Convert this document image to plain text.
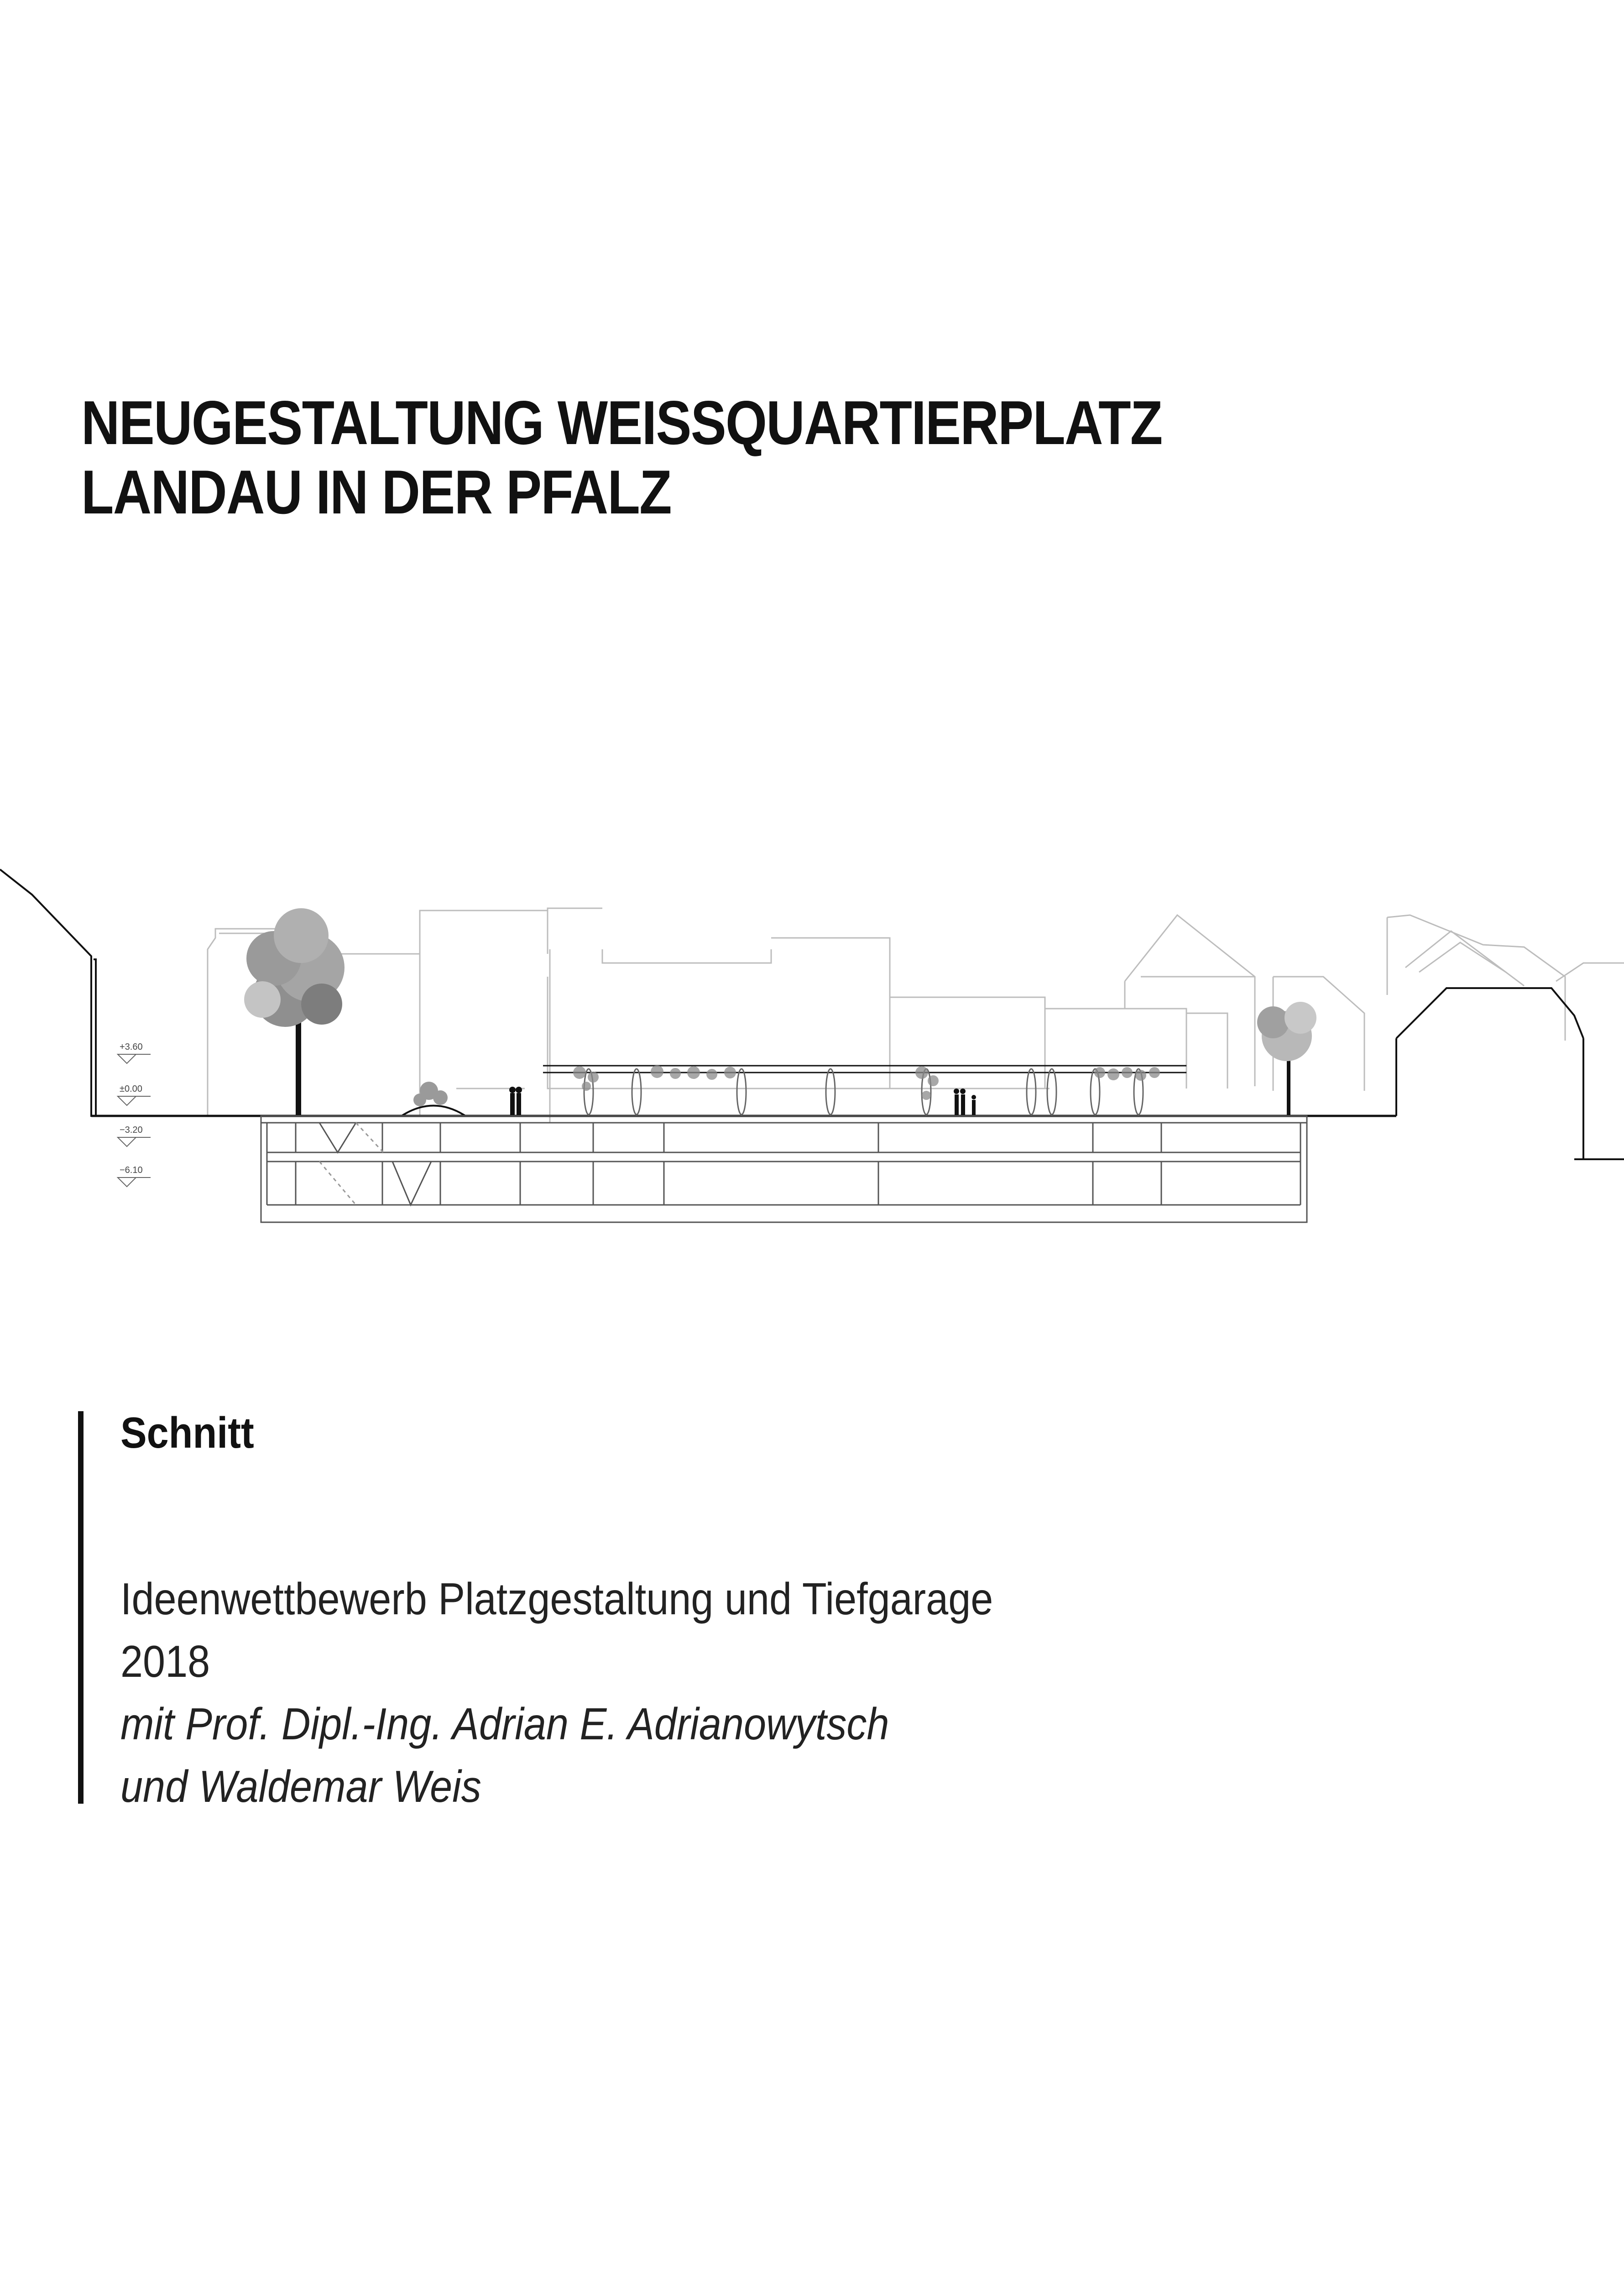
NEUGESTALTUNG WEISSQUARTIERPLATZ
LANDAU IN DER PFALZ
+3.60
±0.00
−3.20
−6.10
Schnitt
Ideenwettbewerb Platzgestaltung und Tiefgarage
2018
mit Prof. Dipl.-Ing. Adrian E. Adrianowytsch
und Waldemar Weis
